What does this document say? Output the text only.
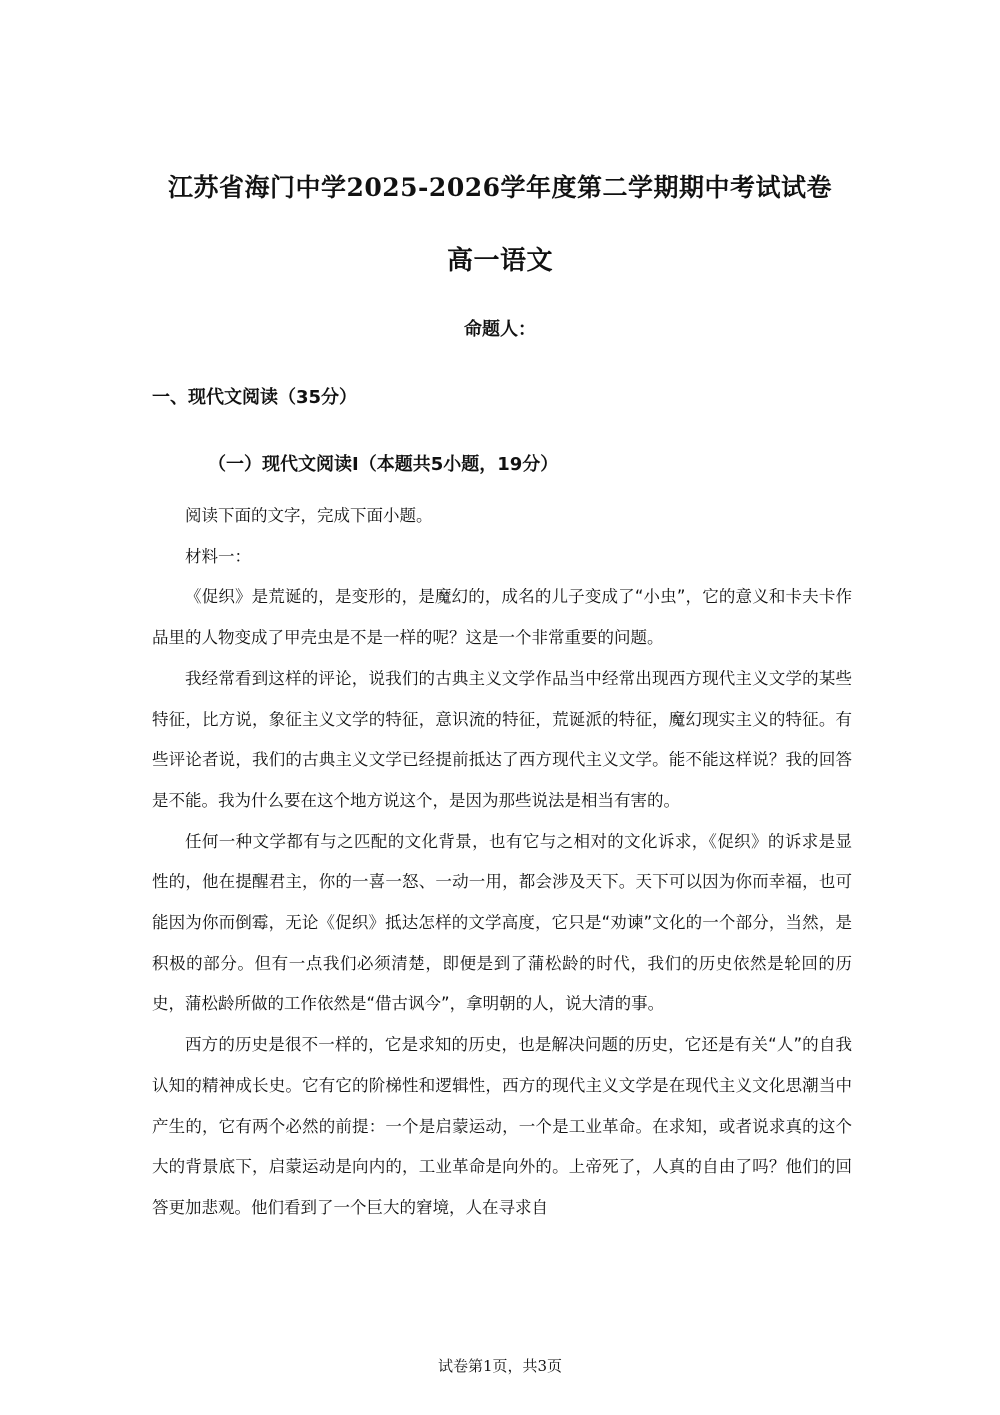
江苏省海门中学2025-2026学年度第二学期期中考试试卷
高一语文
命题人：
一、现代文阅读（35分）
（一）现代文阅读Ⅰ（本题共5小题，19分）

阅读下面的文字，完成下面小题。

材料一：

《促织》是荒诞的，是变形的，是魔幻的，成名的儿子变成了“小虫”，它的意义和卡夫卡作品里的人物变成了甲壳虫是不是一样的呢？这是一个非常重要的问题。

我经常看到这样的评论，说我们的古典主义文学作品当中经常出现西方现代主义文学的某些特征，比方说，象征主义文学的特征，意识流的特征，荒诞派的特征，魔幻现实主义的特征。有些评论者说，我们的古典主义文学已经提前抵达了西方现代主义文学。能不能这样说？我的回答是不能。我为什么要在这个地方说这个，是因为那些说法是相当有害的。

任何一种文学都有与之匹配的文化背景，也有它与之相对的文化诉求，《促织》的诉求是显性的，他在提醒君主，你的一喜一怒、一动一用，都会涉及天下。天下可以因为你而幸福，也可能因为你而倒霉，无论《促织》抵达怎样的文学高度，它只是“劝谏”文化的一个部分，当然，是积极的部分。但有一点我们必须清楚，即便是到了蒲松龄的时代，我们的历史依然是轮回的历史，蒲松龄所做的工作依然是“借古讽今”，拿明朝的人，说大清的事。

西方的历史是很不一样的，它是求知的历史，也是解决问题的历史，它还是有关“人”的自我认知的精神成长史。它有它的阶梯性和逻辑性，西方的现代主义文学是在现代主义文化思潮当中产生的，它有两个必然的前提：一个是启蒙运动，一个是工业革命。在求知，或者说求真的这个大的背景底下，启蒙运动是向内的，工业革命是向外的。上帝死了，人真的自由了吗？他们的回答更加悲观。他们看到了一个巨大的窘境，人在寻求自

试卷第1页，共3页
